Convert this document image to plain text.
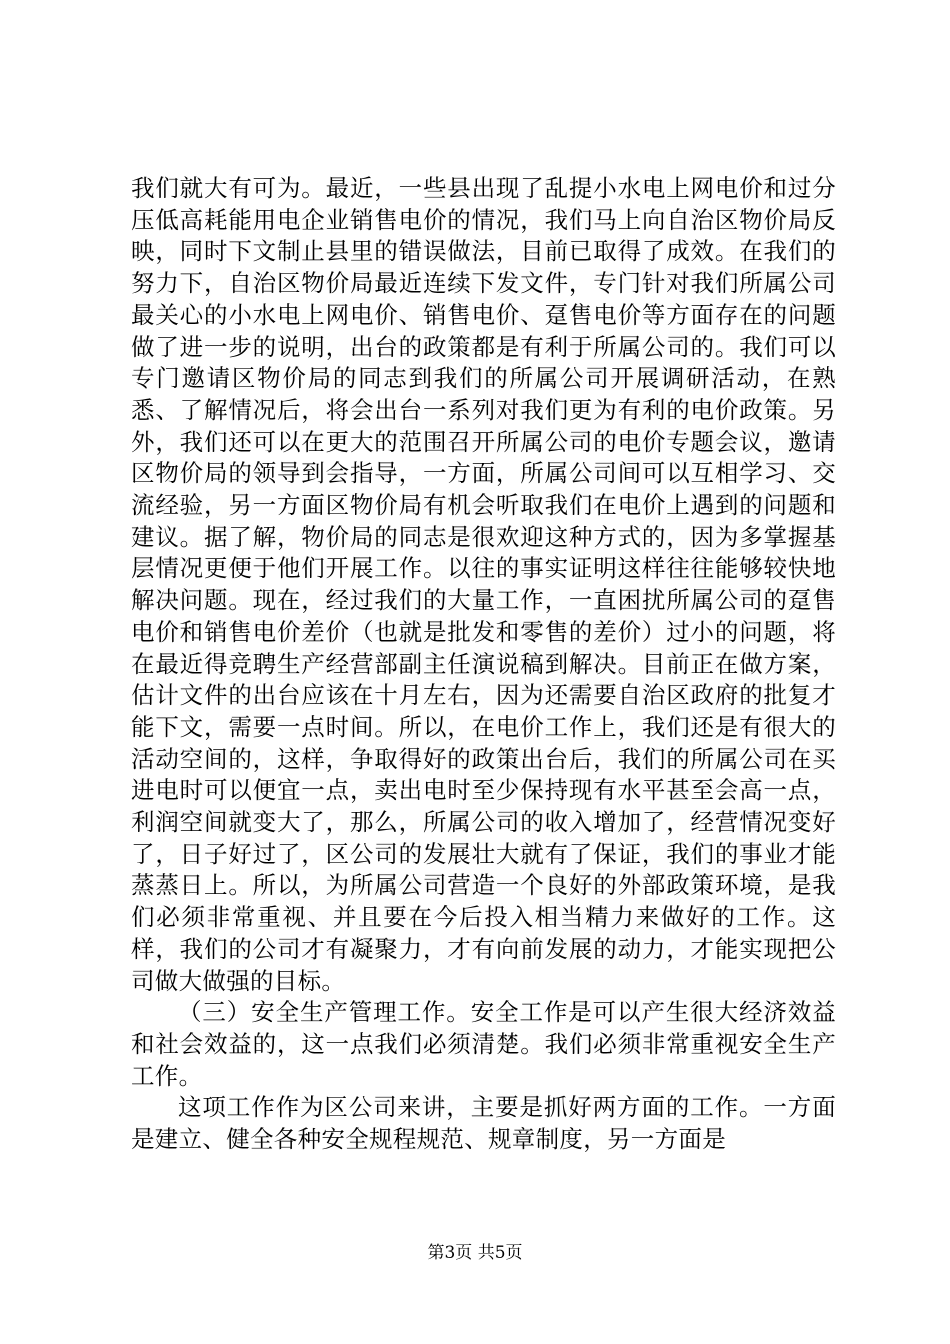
我们就大有可为。最近，一些县出现了乱提小水电上网电价和过分压低高耗能用电企业销售电价的情况，我们马上向自治区物价局反映，同时下文制止县里的错误做法，目前已取得了成效。在我们的努力下，自治区物价局最近连续下发文件，专门针对我们所属公司最关心的小水电上网电价、销售电价、趸售电价等方面存在的问题做了进一步的说明，出台的政策都是有利于所属公司的。我们可以专门邀请区物价局的同志到我们的所属公司开展调研活动，在熟悉、了解情况后，将会出台一系列对我们更为有利的电价政策。另外，我们还可以在更大的范围召开所属公司的电价专题会议，邀请区物价局的领导到会指导，一方面，所属公司间可以互相学习、交流经验，另一方面区物价局有机会听取我们在电价上遇到的问题和建议。据了解，物价局的同志是很欢迎这种方式的，因为多掌握基层情况更便于他们开展工作。以往的事实证明这样往往能够较快地解决问题。现在，经过我们的大量工作，一直困扰所属公司的趸售电价和销售电价差价（也就是批发和零售的差价）过小的问题，将在最近得竞聘生产经营部副主任演说稿到解决。目前正在做方案，估计文件的出台应该在十月左右，因为还需要自治区政府的批复才能下文，需要一点时间。所以，在电价工作上，我们还是有很大的活动空间的，这样，争取得好的政策出台后，我们的所属公司在买进电时可以便宜一点，卖出电时至少保持现有水平甚至会高一点，利润空间就变大了，那么，所属公司的收入增加了，经营情况变好了，日子好过了，区公司的发展壮大就有了保证，我们的事业才能蒸蒸日上。所以，为所属公司营造一个良好的外部政策环境，是我们必须非常重视、并且要在今后投入相当精力来做好的工作。这样，我们的公司才有凝聚力，才有向前发展的动力，才能实现把公司做大做强的目标。

（三）安全生产管理工作。安全工作是可以产生很大经济效益和社会效益的，这一点我们必须清楚。我们必须非常重视安全生产工作。

这项工作作为区公司来讲，主要是抓好两方面的工作。一方面是建立、健全各种安全规程规范、规章制度，另一方面是

第3页 共5页
